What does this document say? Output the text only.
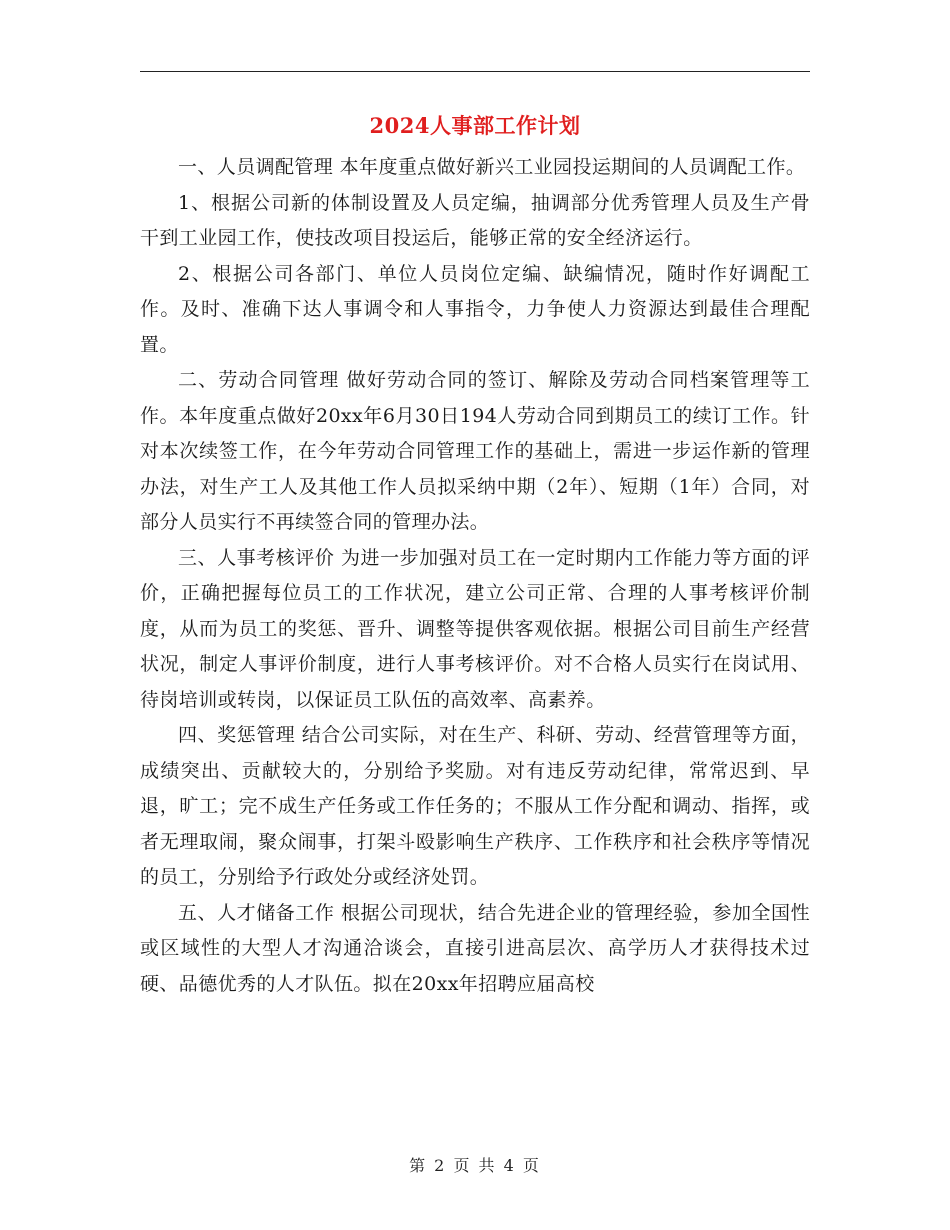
2024人事部工作计划

一、人员调配管理 本年度重点做好新兴工业园投运期间的人员调配工作。

1、根据公司新的体制设置及人员定编，抽调部分优秀管理人员及生产骨干到工业园工作，使技改项目投运后，能够正常的安全经济运行。

2、根据公司各部门、单位人员岗位定编、缺编情况，随时作好调配工作。及时、准确下达人事调令和人事指令，力争使人力资源达到最佳合理配置。

二、劳动合同管理 做好劳动合同的签订、解除及劳动合同档案管理等工作。本年度重点做好20xx年6月30日194人劳动合同到期员工的续订工作。针对本次续签工作，在今年劳动合同管理工作的基础上，需进一步运作新的管理办法，对生产工人及其他工作人员拟采纳中期（2年）、短期（1年）合同，对部分人员实行不再续签合同的管理办法。

三、人事考核评价 为进一步加强对员工在一定时期内工作能力等方面的评价，正确把握每位员工的工作状况，建立公司正常、合理的人事考核评价制度，从而为员工的奖惩、晋升、调整等提供客观依据。根据公司目前生产经营状况，制定人事评价制度，进行人事考核评价。对不合格人员实行在岗试用、待岗培训或转岗，以保证员工队伍的高效率、高素养。

四、奖惩管理 结合公司实际，对在生产、科研、劳动、经营管理等方面，成绩突出、贡献较大的，分别给予奖励。对有违反劳动纪律，常常迟到、早退，旷工；完不成生产任务或工作任务的；不服从工作分配和调动、指挥，或者无理取闹，聚众闹事，打架斗殴影响生产秩序、工作秩序和社会秩序等情况的员工，分别给予行政处分或经济处罚。

五、人才储备工作 根据公司现状，结合先进企业的管理经验，参加全国性或区域性的大型人才沟通洽谈会，直接引进高层次、高学历人才获得技术过硬、品德优秀的人才队伍。拟在20xx年招聘应届高校

第 2 页 共 4 页
